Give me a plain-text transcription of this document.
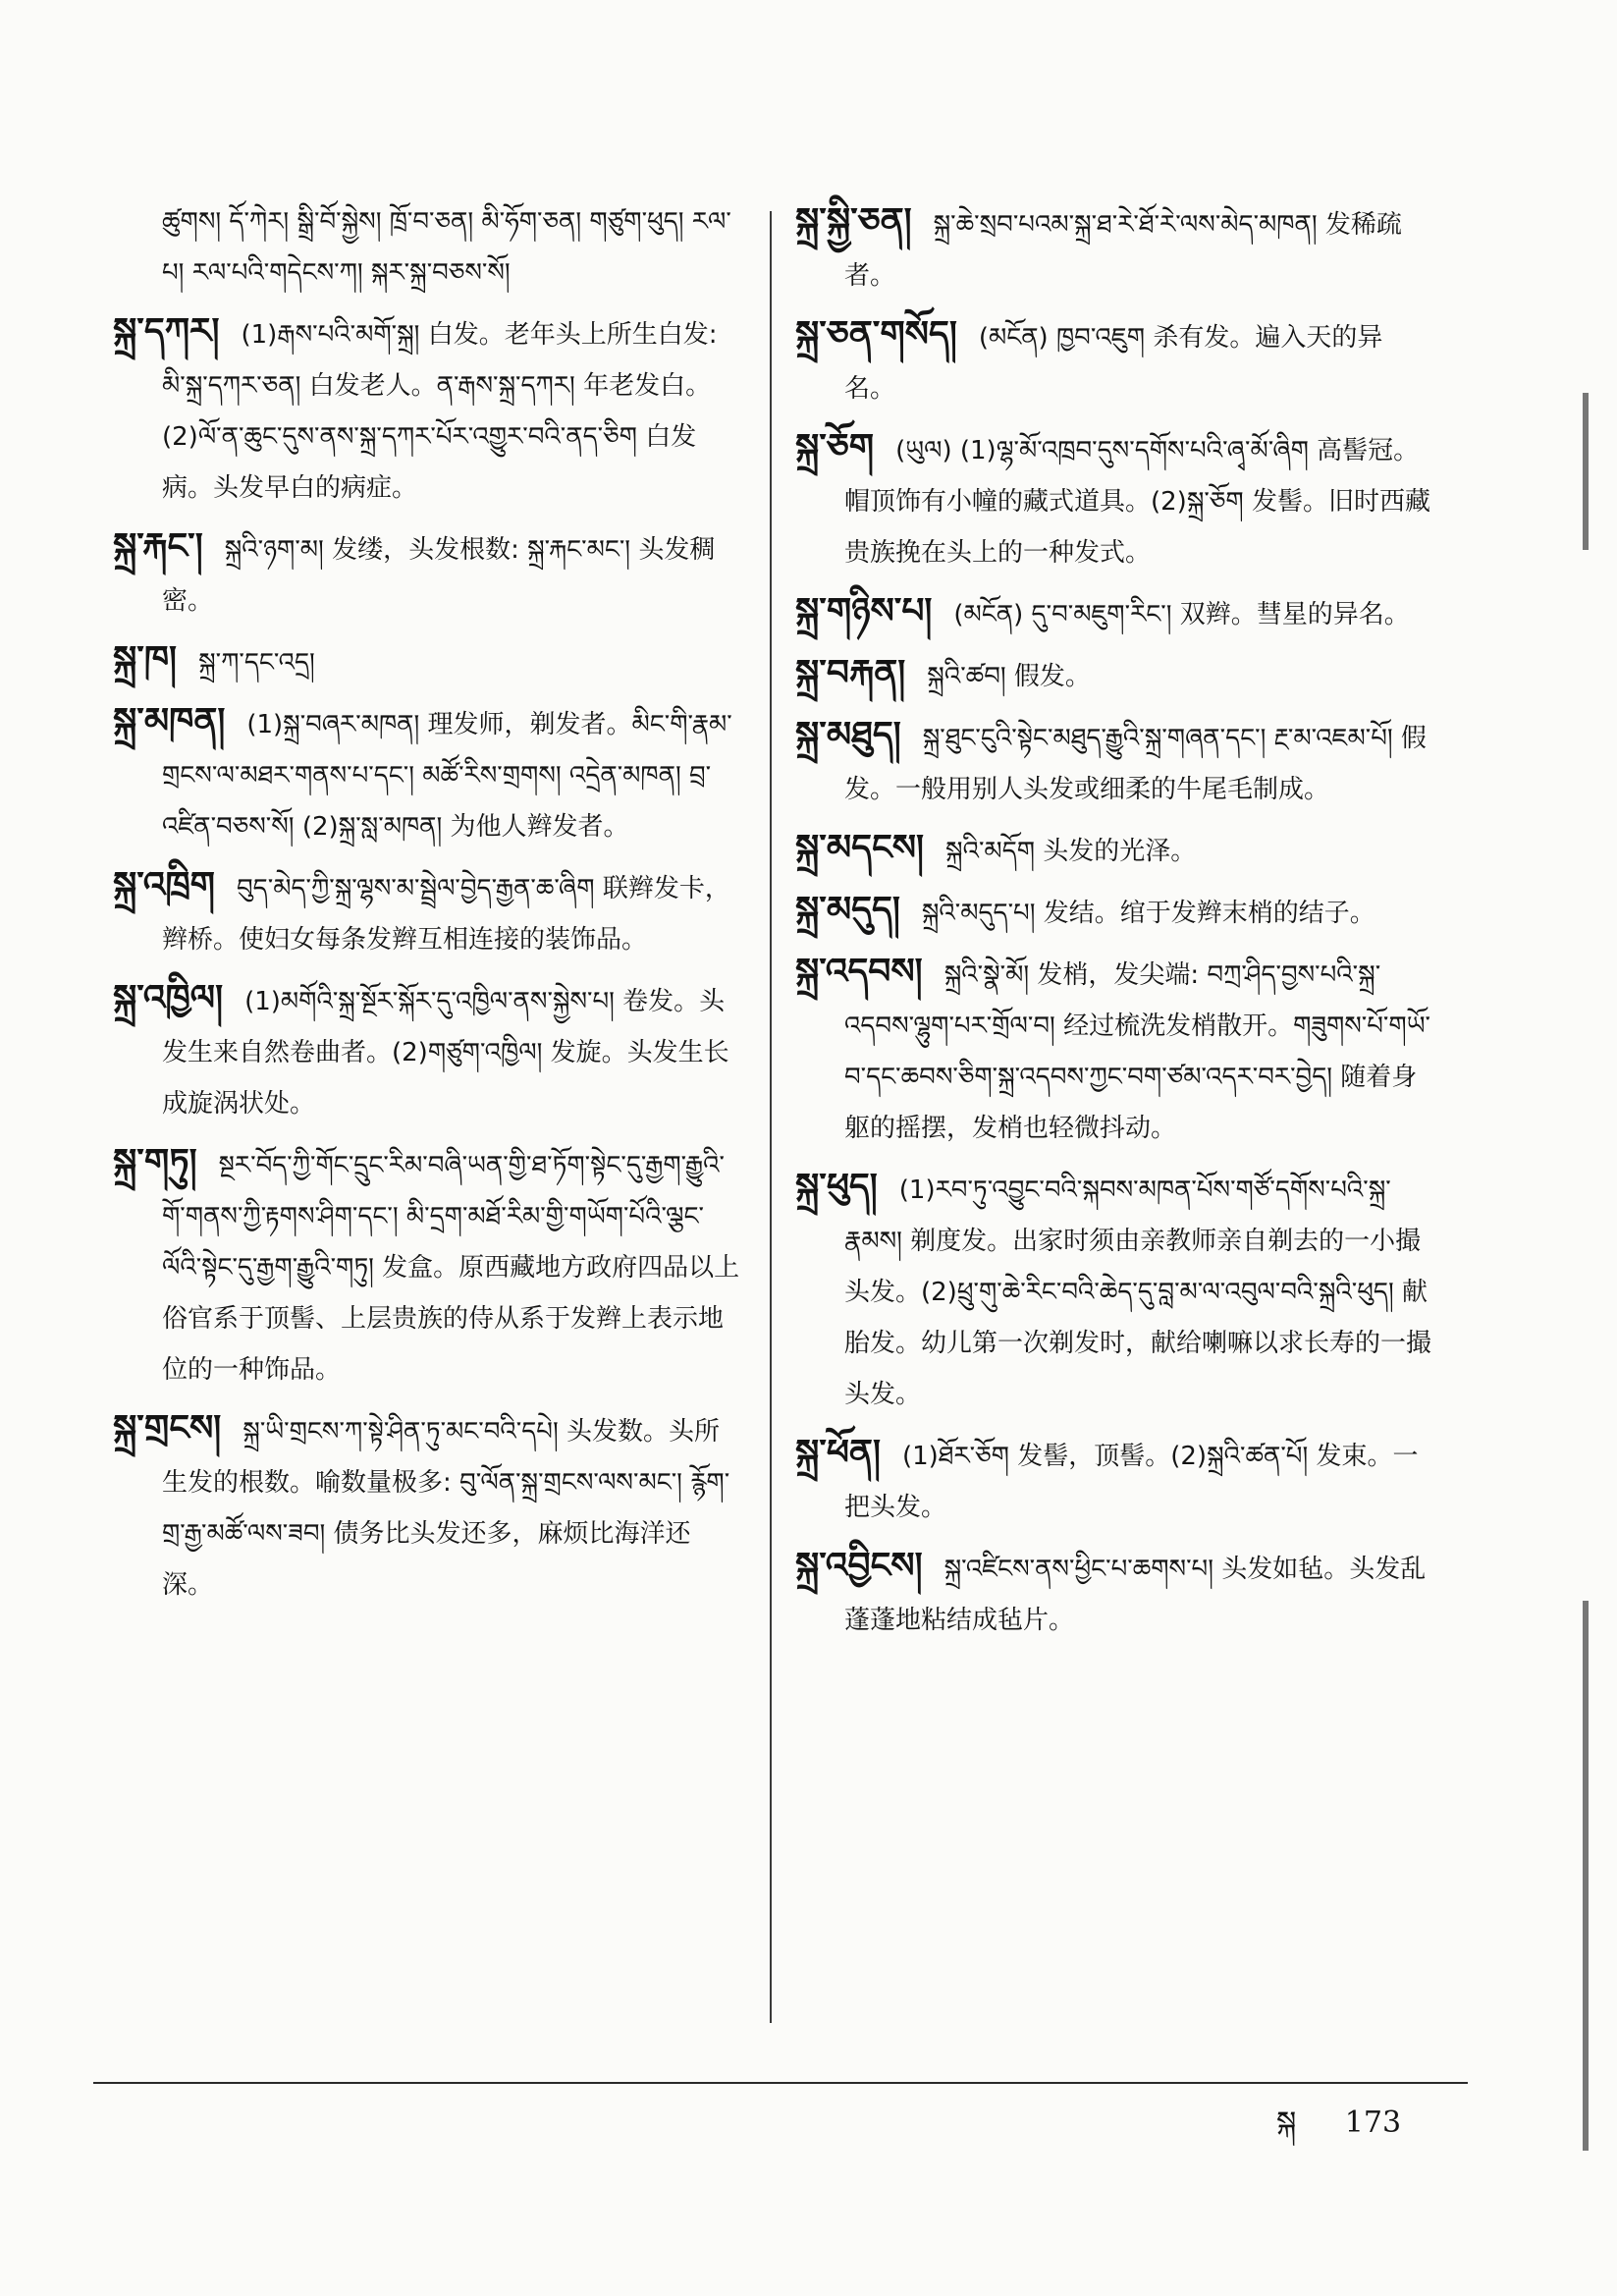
ཚུགས། དོ་ཀེར། སྒྲི་བོ་སྐྱེས། ཁྲོ་བ་ཅན། མི་ཧོག་ཅན། གཙུག་ཕུད། རལ་པ། རལ་པའི་གདེངས་ཀ། སྐར་སྐྲ་བཅས་སོ།

སྐྲ་དཀར། (1)རྒས་པའི་མགོ་སྐྲ། 白发。老年头上所生白发: མི་སྐྲ་དཀར་ཅན། 白发老人。ན་རྒས་སྐྲ་དཀར། 年老发白。(2)ལོ་ན་ཆུང་དུས་ནས་སྐྲ་དཀར་པོར་འགྱུར་བའི་ནད་ཅིག 白发病。头发早白的病症。

སྐྲ་རྐང་། སྐྲའི་ཉག་མ། 发缕，头发根数: སྐྲ་རྐང་མང་། 头发稠密。

སྐྲ་ཁ། སྐྲ་ཀ་དང་འདྲ།

སྐྲ་མཁན། (1)སྐྲ་བཞར་མཁན། 理发师，剃发者。མིང་གི་རྣམ་གྲངས་ལ་མཐར་གནས་པ་དང་། མཚོ་རིས་གྲགས། འདྲེན་མཁན། བྲ་འཛིན་བཅས་སོ། (2)སྐྲ་སླ་མཁན། 为他人辫发者。

སྐྲ་འཁྲིག བུད་མེད་ཀྱི་སྐྲ་ལྷས་མ་སྦྲེལ་བྱེད་རྒྱན་ཆ་ཞིག 联辫发卡，辫桥。使妇女每条发辫互相连接的装饰品。

སྐྲ་འཁྱིལ། (1)མགོའི་སྐྲ་སྔོར་སྐོར་དུ་འཁྱིལ་ནས་སྐྱེས་པ། 卷发。头发生来自然卷曲者。(2)གཙུག་འཁྱིལ། 发旋。头发生长成旋涡状处。

སྐྲ་གཏུ། སྔར་བོད་ཀྱི་གོང་དྲུང་རིམ་བཞི་ཡན་གྱི་ཐ་ཏོག་སྟེང་དུ་རྒྱག་རྒྱུའི་གོ་གནས་ཀྱི་རྟགས་ཤིག་དང་། མི་དྲག་མཐོ་རིམ་གྱི་གཡོག་པོའི་ལྕང་ལོའི་སྟེང་དུ་རྒྱག་རྒྱུའི་གཏུ། 发盒。原西藏地方政府四品以上俗官系于顶髻、上层贵族的侍从系于发辫上表示地位的一种饰品。

སྐྲ་གྲངས། སྐྲ་ཡི་གྲངས་ཀ་སྟེ་ཤིན་ཏུ་མང་བའི་དཔེ། 头发数。头所生发的根数。喻数量极多: བུ་ལོན་སྐྲ་གྲངས་ལས་མང་། རྙོག་གྲ་རྒྱ་མཚོ་ལས་ཟབ། 债务比头发还多，麻烦比海洋还深。

སྐྲ་སྐྱི་ཅན། སྐྲ་ཆེ་སྲབ་པའམ་སྐྲ་ཐ་རེ་ཐོ་རེ་ལས་མེད་མཁན། 发稀疏者。

སྐྲ་ཅན་གསོད། (མངོན) ཁྱབ་འཇུག 杀有发。遍入天的异名。

སྐྲ་ཅོག (ཡུལ) (1)ལྷ་མོ་འཁྲབ་དུས་དགོས་པའི་ཞྭ་མོ་ཞིག 高髻冠。帽顶饰有小幢的藏式道具。(2)སྐྲ་ཅོག 发髻。旧时西藏贵族挽在头上的一种发式。

སྐྲ་གཉིས་པ། (མངོན) དུ་བ་མཇུག་རིང་། 双辫。彗星的异名。

སྐྲ་བརྐན། སྐྲའི་ཚབ། 假发。

སྐྲ་མཐུད། སྐྲ་ཐུང་ངུའི་སྟེང་མཐུད་རྒྱུའི་སྐྲ་གཞན་དང་། རྔ་མ་འཇམ་པོ། 假发。一般用别人头发或细柔的牛尾毛制成。

སྐྲ་མདངས། སྐྲའི་མདོག 头发的光泽。

སྐྲ་མདུད། སྐྲའི་མདུད་པ། 发结。绾于发辫末梢的结子。

སྐྲ་འདབས། སྐྲའི་སྣེ་མོ། 发梢，发尖端: བཀྲ་ཤིད་བྱས་པའི་སྐྲ་འདབས་ལྷུག་པར་གྲོལ་བ། 经过梳洗发梢散开。གཟུགས་པོ་གཡོ་བ་དང་ཆབས་ཅིག་སྐྲ་འདབས་ཀྱང་བག་ཙམ་འདར་བར་བྱེད། 随着身躯的摇摆，发梢也轻微抖动。

སྐྲ་ཕུད། (1)རབ་ཏུ་འབྱུང་བའི་སྐབས་མཁན་པོས་གཙོ་དགོས་པའི་སྐྲ་རྣམས། 剃度发。出家时须由亲教师亲自剃去的一小撮头发。(2)ཕྲུ་གུ་ཆེ་རིང་བའི་ཆེད་དུ་བླ་མ་ལ་འབུལ་བའི་སྐྲའི་ཕུད། 献胎发。幼儿第一次剃发时，献给喇嘛以求长寿的一撮头发。

སྐྲ་ཕོན། (1)ཐོར་ཅོག 发髻，顶髻。(2)སྐྲའི་ཚན་པོ། 发束。一把头发。

སྐྲ་འབྱིངས། སྐྲ་འཛིངས་ནས་ཕྱིང་པ་ཆགས་པ། 头发如毡。头发乱蓬蓬地粘结成毡片。

སྐ 173
